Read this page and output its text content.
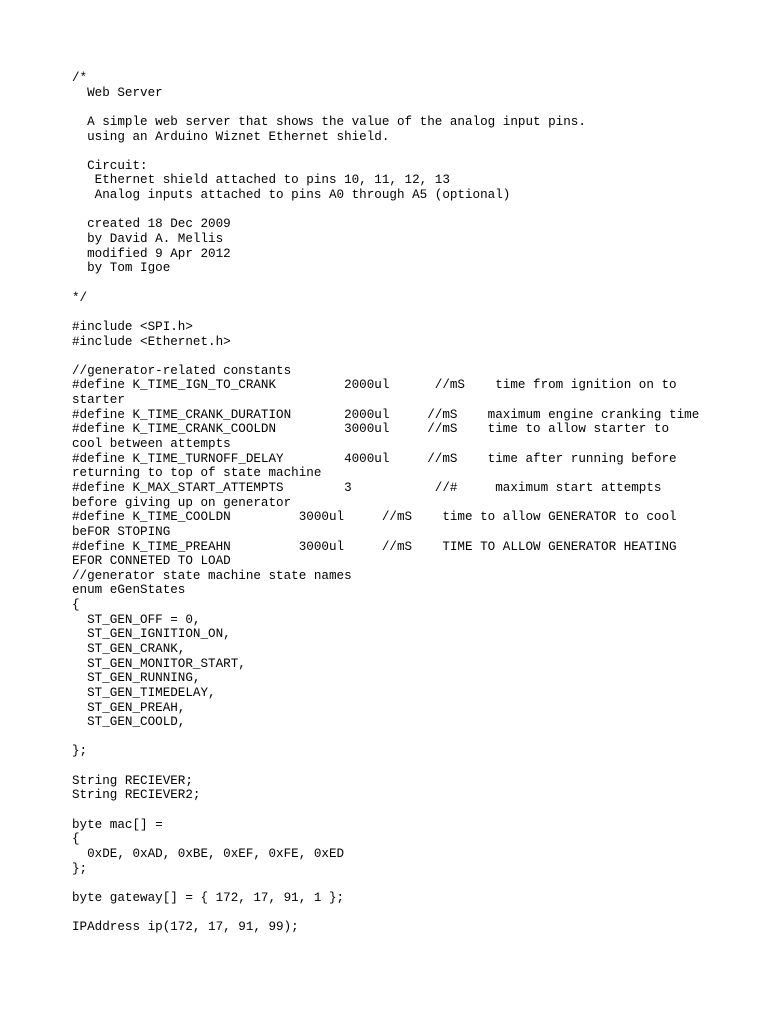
/*
Web Server
A simple web server that shows the value of the analog input pins.
using an Arduino Wiznet Ethernet shield.
Circuit:
Ethernet shield attached to pins 10, 11, 12, 13
Analog inputs attached to pins A0 through A5 (optional)
created 18 Dec 2009
by David A. Mellis
modified 9 Apr 2012
by Tom Igoe
*/
#include <SPI.h>
#include <Ethernet.h>
//generator-related constants
#define K_TIME_IGN_TO_CRANK         2000ul      //mS    time from ignition on to
starter
#define K_TIME_CRANK_DURATION       2000ul     //mS    maximum engine cranking time
#define K_TIME_CRANK_COOLDN         3000ul     //mS    time to allow starter to
cool between attempts
#define K_TIME_TURNOFF_DELAY        4000ul     //mS    time after running before
returning to top of state machine
#define K_MAX_START_ATTEMPTS        3           //#     maximum start attempts
before giving up on generator
#define K_TIME_COOLDN         3000ul     //mS    time to allow GENERATOR to cool
beFOR STOPING
#define K_TIME_PREAHN         3000ul     //mS    TIME TO ALLOW GENERATOR HEATING
EFOR CONNETED TO LOAD
//generator state machine state names
enum eGenStates
{
ST_GEN_OFF = 0,
ST_GEN_IGNITION_ON,
ST_GEN_CRANK,
ST_GEN_MONITOR_START,
ST_GEN_RUNNING,
ST_GEN_TIMEDELAY,
ST_GEN_PREAH,
ST_GEN_COOLD,
};
String RECIEVER;
String RECIEVER2;
byte mac[] =
{
0xDE, 0xAD, 0xBE, 0xEF, 0xFE, 0xED
};
byte gateway[] = { 172, 17, 91, 1 };
IPAddress ip(172, 17, 91, 99);
